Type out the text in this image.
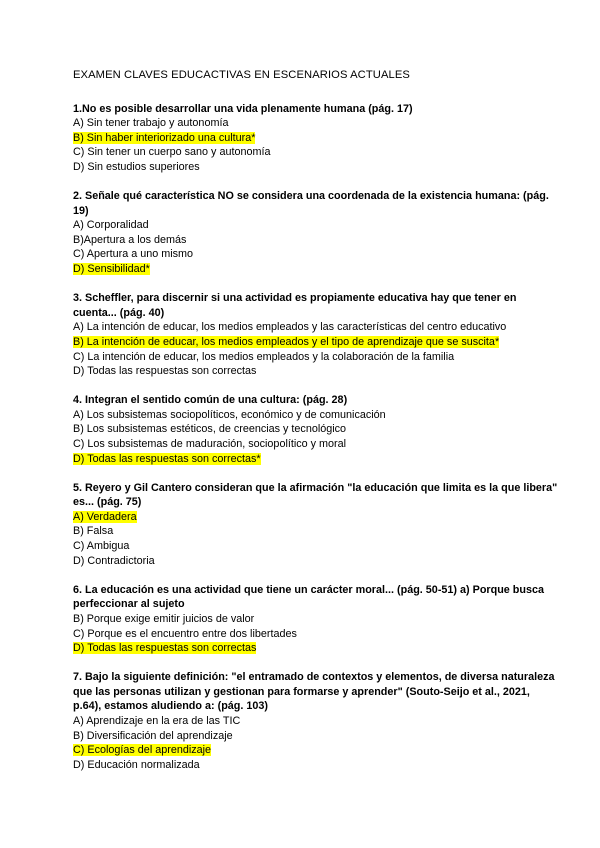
EXAMEN CLAVES EDUCACTIVAS EN ESCENARIOS ACTUALES
1.No es posible desarrollar una vida plenamente humana (pág. 17)
A) Sin tener trabajo y autonomía
B) Sin haber interiorizado una cultura*
C) Sin tener un cuerpo sano y autonomía
D) Sin estudios superiores
2. Señale qué característica NO se considera una coordenada de la existencia humana: (pág. 19)
A) Corporalidad
B)Apertura a los demás
C) Apertura a uno mismo
D) Sensibilidad*
3. Scheffler, para discernir si una actividad es propiamente educativa hay que tener en cuenta... (pág. 40)
A) La intención de educar, los medios empleados y las características del centro educativo
B) La intención de educar, los medios empleados y el tipo de aprendizaje que se suscita*
C) La intención de educar, los medios empleados y la colaboración de la familia
D) Todas las respuestas son correctas
4. Integran el sentido común de una cultura: (pág. 28)
A) Los subsistemas sociopolíticos, económico y de comunicación
B) Los subsistemas estéticos, de creencias y tecnológico
C) Los subsistemas de maduración, sociopolítico y moral
D) Todas las respuestas son correctas*
5. Reyero y Gil Cantero consideran que la afirmación "la educación que limita es la que libera" es... (pág. 75)
A) Verdadera
B) Falsa
C) Ambigua
D) Contradictoria
6. La educación es una actividad que tiene un carácter moral... (pág. 50-51) a) Porque busca perfeccionar al sujeto
B) Porque exige emitir juicios de valor
C) Porque es el encuentro entre dos libertades
D) Todas las respuestas son correctas
7. Bajo la siguiente definición: "el entramado de contextos y elementos, de diversa naturaleza que las personas utilizan y gestionan para formarse y aprender" (Souto-Seijo et al., 2021, p.64), estamos aludiendo a: (pág. 103)
A) Aprendizaje en la era de las TIC
B) Diversificación del aprendizaje
C) Ecologías del aprendizaje
D) Educación normalizada
